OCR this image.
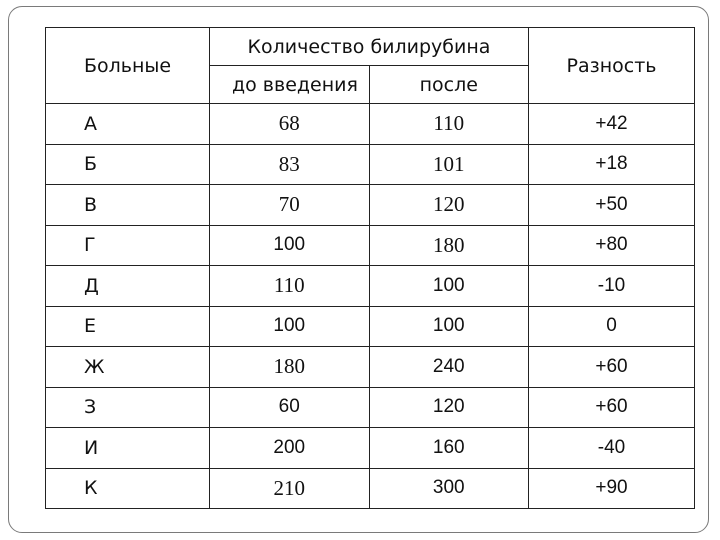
Больные	Количество билирубина		Разность
	до введения	после	
А	68	110	+42
Б	83	101	+18
В	70	120	+50
Г	100	180	+80
Д	110	100	-10
Е	100	100	0
Ж	180	240	+60
З	60	120	+60
И	200	160	-40
К	210	300	+90
